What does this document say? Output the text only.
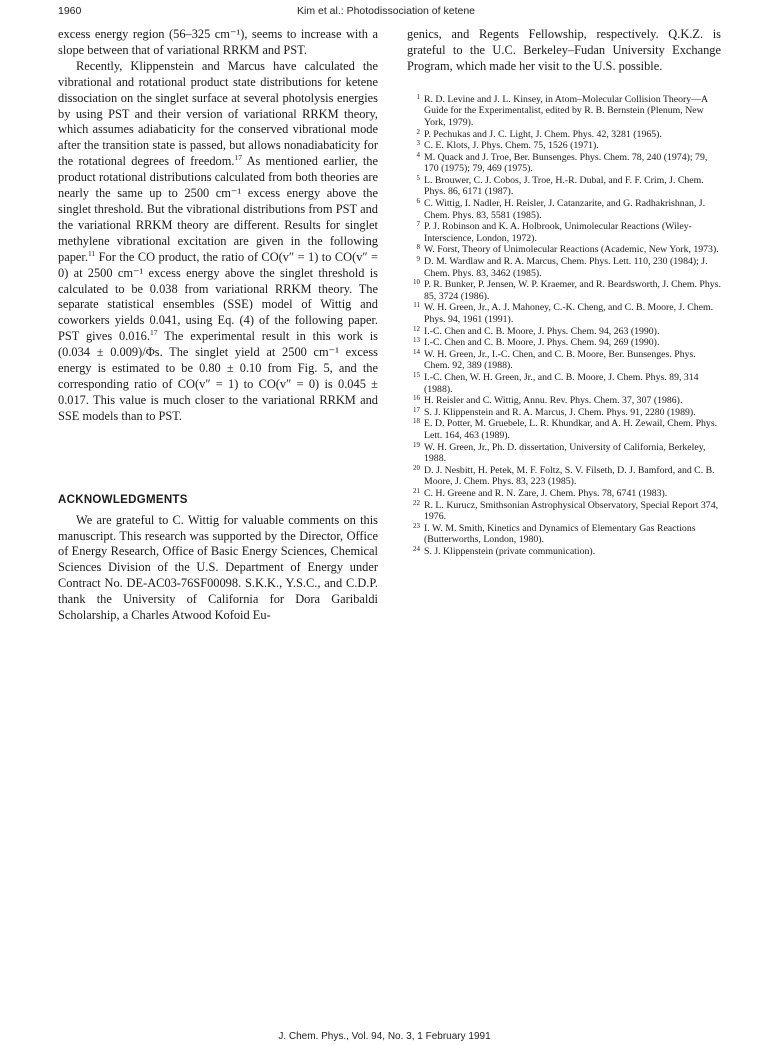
1960	Kim et al.: Photodissociation of ketene

excess energy region (56–325 cm⁻¹), seems to increase with a slope between that of variational RRKM and PST.

Recently, Klippenstein and Marcus have calculated the vibrational and rotational product state distributions for ketene dissociation on the singlet surface at several photolysis energies by using PST and their version of variational RRKM theory, which assumes adiabaticity for the conserved vibrational mode after the transition state is passed, but allows nonadiabaticity for the rotational degrees of freedom.$^{17}$ As mentioned earlier, the product rotational distributions calculated from both theories are nearly the same up to 2500 cm⁻¹ excess energy above the singlet threshold. But the vibrational distributions from PST and the variational RRKM theory are different. Results for singlet methylene vibrational excitation are given in the following paper.$^{11}$ For the CO product, the ratio of CO(v″ = 1) to CO(v″ = 0) at 2500 cm⁻¹ excess energy above the singlet threshold is calculated to be 0.038 from variational RRKM theory. The separate statistical ensembles (SSE) model of Wittig and coworkers yields 0.041, using Eq. (4) of the following paper. PST gives 0.016.17 The experimental result in this work is (0.034 ± 0.009)/Φs. The singlet yield at 2500 cm⁻¹ excess energy is estimated to be 0.80 ± 0.10 from Fig. 5, and the corresponding ratio of CO(v″ = 1) to CO(v″ = 0) is 0.045 ± 0.017. This value is much closer to the variational RRKM and SSE models than to PST.

ACKNOWLEDGMENTS

We are grateful to C. Wittig for valuable comments on this manuscript. This research was supported by the Director, Office of Energy Research, Office of Basic Energy Sciences, Chemical Sciences Division of the U.S. Department of Energy under Contract No. DE-AC03-76SF00098. S.K.K., Y.S.C., and C.D.P. thank the University of California for Dora Garibaldi Scholarship, a Charles Atwood Kofoid Eu-

genics, and Regents Fellowship, respectively. Q.K.Z. is grateful to the U.C. Berkeley–Fudan University Exchange Program, which made her visit to the U.S. possible.

1 R. D. Levine and J. L. Kinsey, in Atom–Molecular Collision Theory—A Guide for the Experimentalist, edited by R. B. Bernstein (Plenum, New York, 1979).
2 P. Pechukas and J. C. Light, J. Chem. Phys. 42, 3281 (1965).
3 C. E. Klots, J. Phys. Chem. 75, 1526 (1971).
4 M. Quack and J. Troe, Ber. Bunsenges. Phys. Chem. 78, 240 (1974); 79, 170 (1975); 79, 469 (1975).
5 L. Brouwer, C. J. Cobos, J. Troe, H.-R. Dubal, and F. F. Crim, J. Chem. Phys. 86, 6171 (1987).
6 C. Wittig, I. Nadler, H. Reisler, J. Catanzarite, and G. Radhakrishnan, J. Chem. Phys. 83, 5581 (1985).
7 P. J. Robinson and K. A. Holbrook, Unimolecular Reactions (Wiley-Interscience, London, 1972).
8 W. Forst, Theory of Unimolecular Reactions (Academic, New York, 1973).
9 D. M. Wardlaw and R. A. Marcus, Chem. Phys. Lett. 110, 230 (1984); J. Chem. Phys. 83, 3462 (1985).
10 P. R. Bunker, P. Jensen, W. P. Kraemer, and R. Beardsworth, J. Chem. Phys. 85, 3724 (1986).
11 W. H. Green, Jr., A. J. Mahoney, C.-K. Cheng, and C. B. Moore, J. Chem. Phys. 94, 1961 (1991).
12 I.-C. Chen and C. B. Moore, J. Phys. Chem. 94, 263 (1990).
13 I.-C. Chen and C. B. Moore, J. Phys. Chem. 94, 269 (1990).
14 W. H. Green, Jr., I.-C. Chen, and C. B. Moore, Ber. Bunsenges. Phys. Chem. 92, 389 (1988).
15 I.-C. Chen, W. H. Green, Jr., and C. B. Moore, J. Chem. Phys. 89, 314 (1988).
16 H. Reisler and C. Wittig, Annu. Rev. Phys. Chem. 37, 307 (1986).
17 S. J. Klippenstein and R. A. Marcus, J. Chem. Phys. 91, 2280 (1989).
18 E. D. Potter, M. Gruebele, L. R. Khundkar, and A. H. Zewail, Chem. Phys. Lett. 164, 463 (1989).
19 W. H. Green, Jr., Ph. D. dissertation, University of California, Berkeley, 1988.
20 D. J. Nesbitt, H. Petek, M. F. Foltz, S. V. Filseth, D. J. Bamford, and C. B. Moore, J. Chem. Phys. 83, 223 (1985).
21 C. H. Greene and R. N. Zare, J. Chem. Phys. 78, 6741 (1983).
22 R. L. Kurucz, Smithsonian Astrophysical Observatory, Special Report 374, 1976.
23 I. W. M. Smith, Kinetics and Dynamics of Elementary Gas Reactions (Butterworths, London, 1980).
24 S. J. Klippenstein (private communication).
J. Chem. Phys., Vol. 94, No. 3, 1 February 1991
